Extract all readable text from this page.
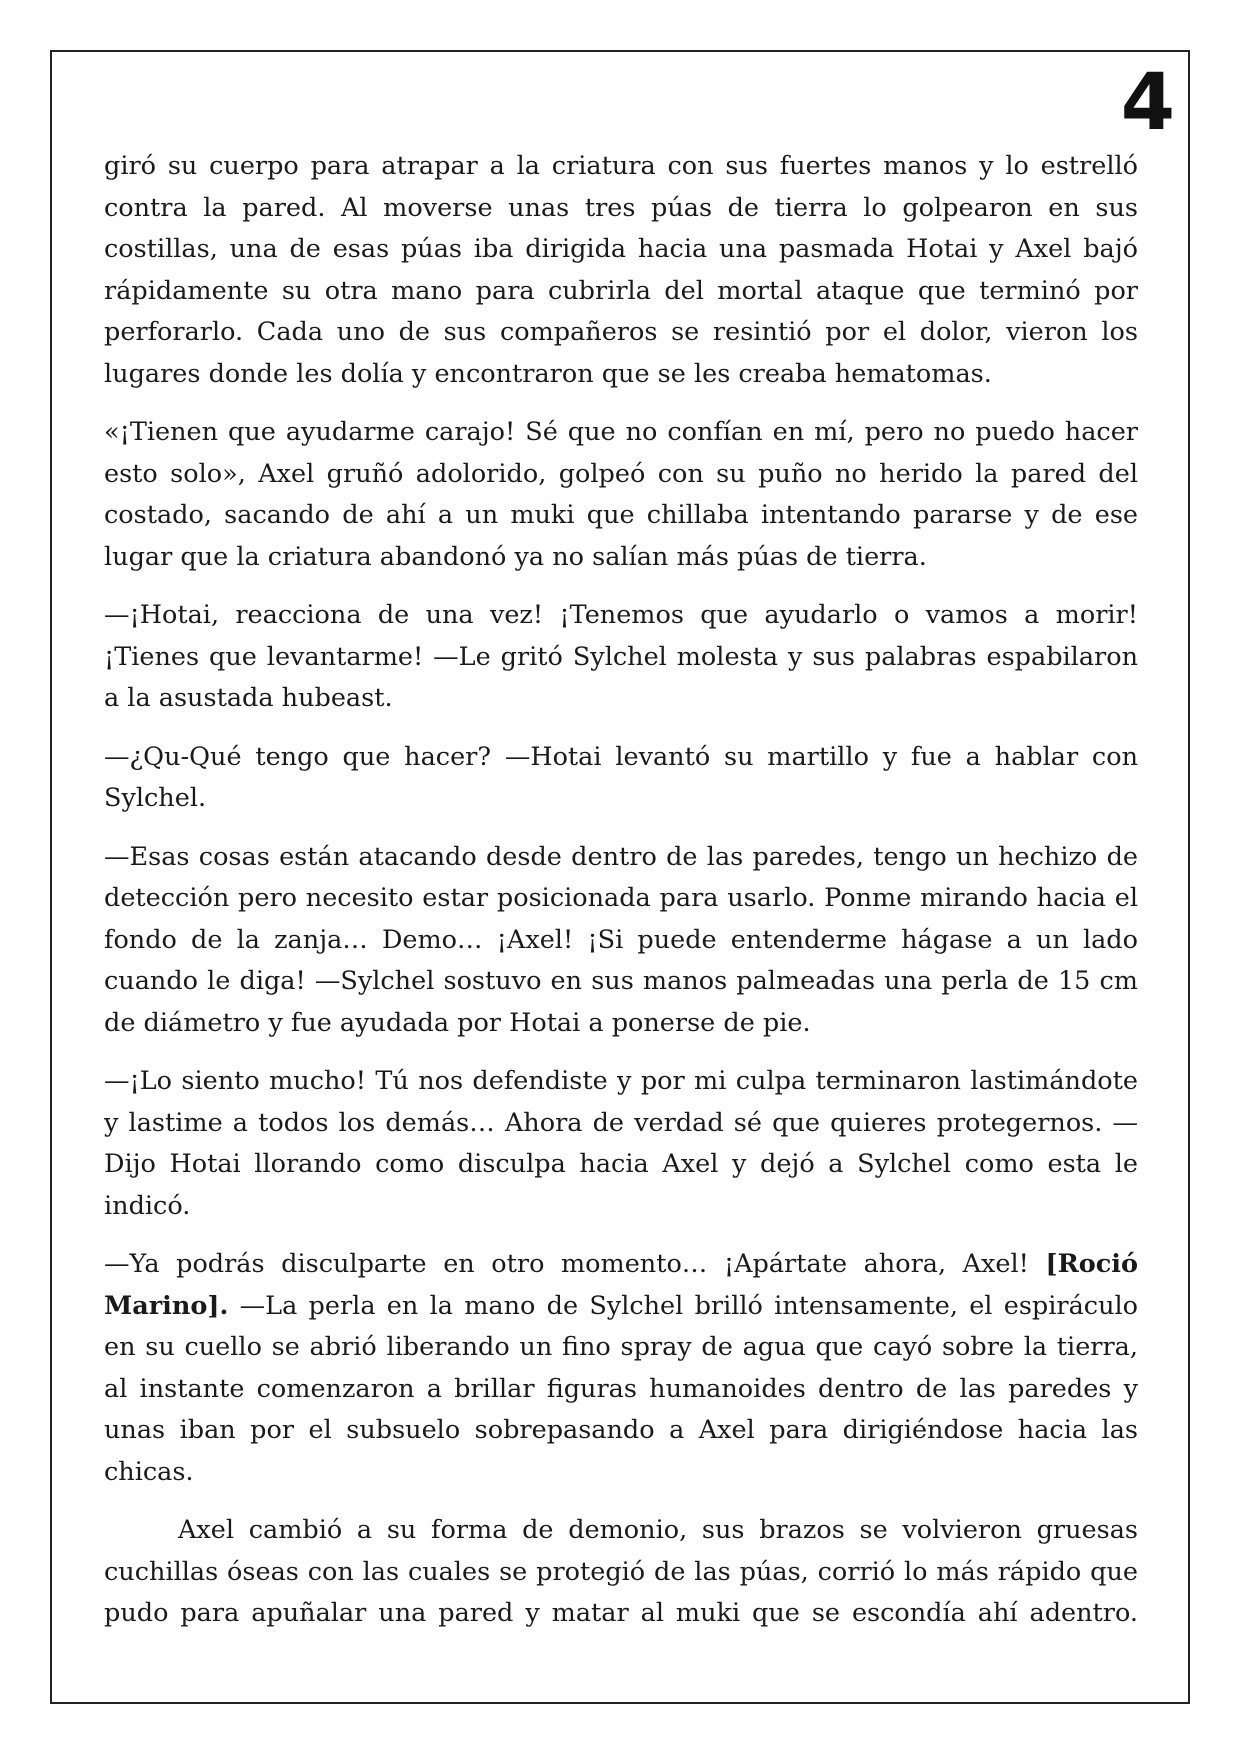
4

giró su cuerpo para atrapar a la criatura con sus fuertes manos y lo estrelló contra la pared. Al moverse unas tres púas de tierra lo golpearon en sus costillas, una de esas púas iba dirigida hacia una pasmada Hotai y Axel bajó rápidamente su otra mano para cubrirla del mortal ataque que terminó por perforarlo. Cada uno de sus compañeros se resintió por el dolor, vieron los lugares donde les dolía y encontraron que se les creaba hematomas.

«¡Tienen que ayudarme carajo! Sé que no confían en mí, pero no puedo hacer esto solo», Axel gruñó adolorido, golpeó con su puño no herido la pared del costado, sacando de ahí a un muki que chillaba intentando pararse y de ese lugar que la criatura abandonó ya no salían más púas de tierra.

—¡Hotai, reacciona de una vez! ¡Tenemos que ayudarlo o vamos a morir! ¡Tienes que levantarme! —Le gritó Sylchel molesta y sus palabras espabilaron a la asustada hubeast.

—¿Qu-Qué tengo que hacer? —Hotai levantó su martillo y fue a hablar con Sylchel.

—Esas cosas están atacando desde dentro de las paredes, tengo un hechizo de detección pero necesito estar posicionada para usarlo. Ponme mirando hacia el fondo de la zanja… Demo… ¡Axel! ¡Si puede entenderme hágase a un lado cuando le diga! —Sylchel sostuvo en sus manos palmeadas una perla de 15 cm de diámetro y fue ayudada por Hotai a ponerse de pie.

—¡Lo siento mucho! Tú nos defendiste y por mi culpa terminaron lastimándote y lastime a todos los demás… Ahora de verdad sé que quieres protegernos. —Dijo Hotai llorando como disculpa hacia Axel y dejó a Sylchel como esta le indicó.

—Ya podrás disculparte en otro momento… ¡Apártate ahora, Axel! [Roció Marino]. —La perla en la mano de Sylchel brilló intensamente, el espiráculo en su cuello se abrió liberando un fino spray de agua que cayó sobre la tierra, al instante comenzaron a brillar figuras humanoides dentro de las paredes y unas iban por el subsuelo sobrepasando a Axel para dirigiéndose hacia las chicas.

Axel cambió a su forma de demonio, sus brazos se volvieron gruesas cuchillas óseas con las cuales se protegió de las púas, corrió lo más rápido que pudo para apuñalar una pared y matar al muki que se escondía ahí adentro.
